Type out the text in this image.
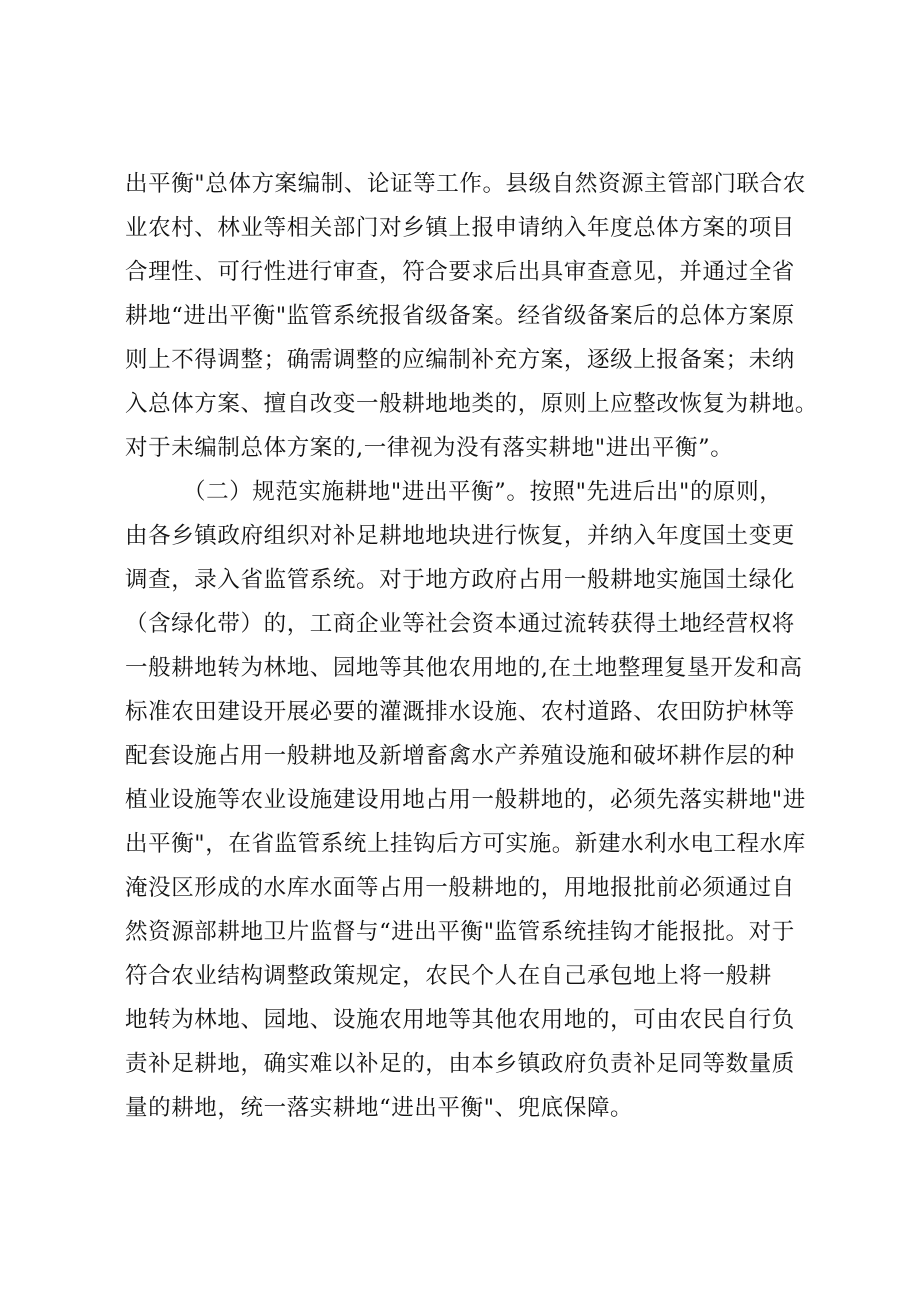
出平衡"总体方案编制、论证等工作。县级自然资源主管部门联合农
业农村、林业等相关部门对乡镇上报申请纳入年度总体方案的项目
合理性、可行性进行审查，符合要求后出具审查意见，并通过全省
耕地“进出平衡"监管系统报省级备案。经省级备案后的总体方案原
则上不得调整；确需调整的应编制补充方案，逐级上报备案；未纳
入总体方案、擅自改变一般耕地地类的，原则上应整改恢复为耕地。
对于未编制总体方案的,一律视为没有落实耕地"进出平衡”。
（二）规范实施耕地"进出平衡”。按照"先进后出"的原则，
由各乡镇政府组织对补足耕地地块进行恢复，并纳入年度国土变更
调查，录入省监管系统。对于地方政府占用一般耕地实施国土绿化
（含绿化带）的，工商企业等社会资本通过流转获得土地经营权将
一般耕地转为林地、园地等其他农用地的,在土地整理复垦开发和高
标准农田建设开展必要的灌溉排水设施、农村道路、农田防护林等
配套设施占用一般耕地及新增畜禽水产养殖设施和破坏耕作层的种
植业设施等农业设施建设用地占用一般耕地的，必须先落实耕地"进
出平衡"，在省监管系统上挂钩后方可实施。新建水利水电工程水库
淹没区形成的水库水面等占用一般耕地的，用地报批前必须通过自
然资源部耕地卫片监督与“进出平衡"监管系统挂钩才能报批。对于
符合农业结构调整政策规定，农民个人在自己承包地上将一般耕
地转为林地、园地、设施农用地等其他农用地的，可由农民自行负
责补足耕地，确实难以补足的，由本乡镇政府负责补足同等数量质
量的耕地，统一落实耕地“进出平衡"、兜底保障。
